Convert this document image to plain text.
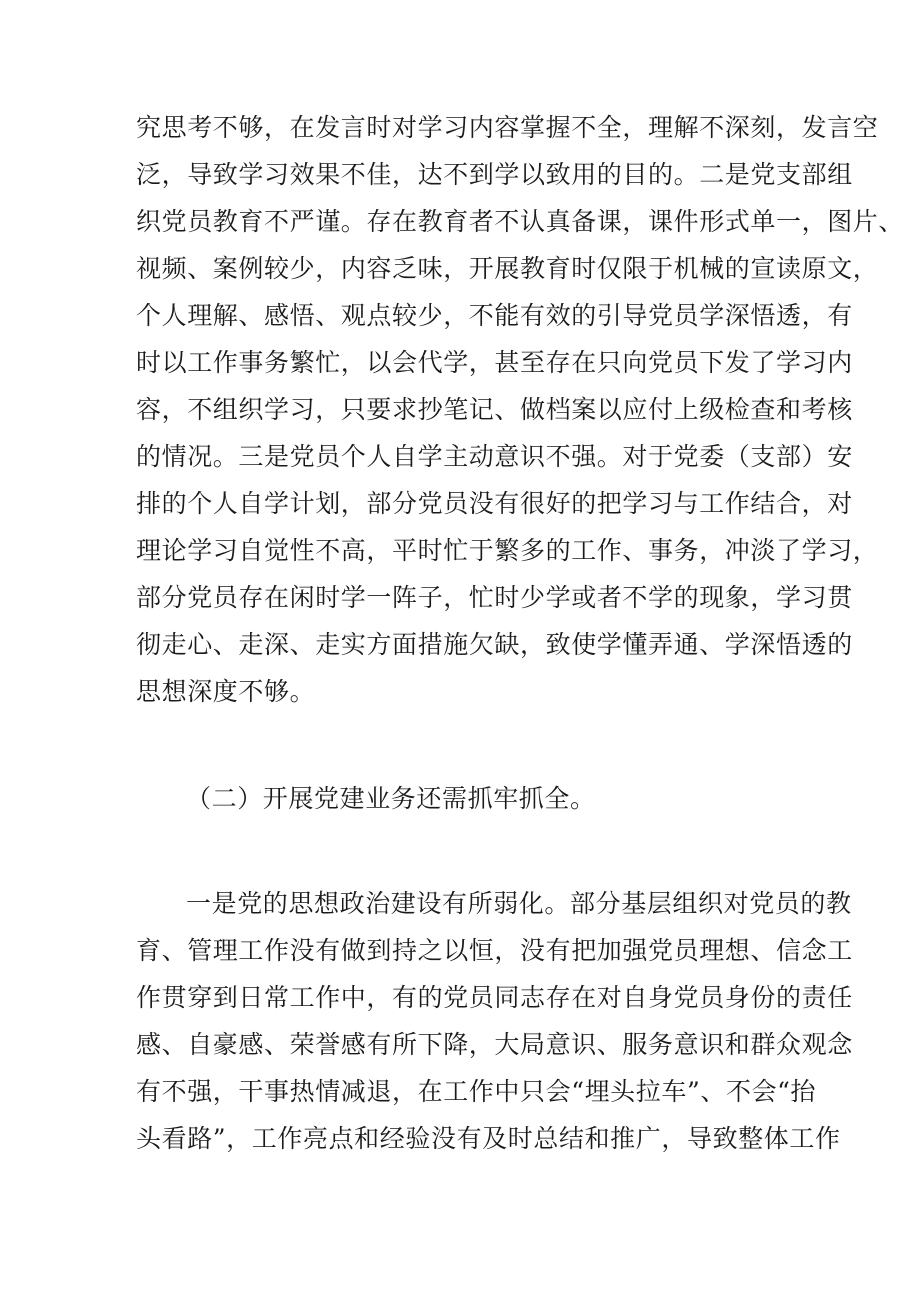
究思考不够，在发言时对学习内容掌握不全，理解不深刻，发言空
泛，导致学习效果不佳，达不到学以致用的目的。二是党支部组
织党员教育不严谨。存在教育者不认真备课，课件形式单一，图片、
视频、案例较少，内容乏味，开展教育时仅限于机械的宣读原文，
个人理解、感悟、观点较少，不能有效的引导党员学深悟透，有
时以工作事务繁忙，以会代学，甚至存在只向党员下发了学习内
容，不组织学习，只要求抄笔记、做档案以应付上级检查和考核
的情况。三是党员个人自学主动意识不强。对于党委（支部）安
排的个人自学计划，部分党员没有很好的把学习与工作结合，对
理论学习自觉性不高，平时忙于繁多的工作、事务，冲淡了学习，
部分党员存在闲时学一阵子，忙时少学或者不学的现象，学习贯
彻走心、走深、走实方面措施欠缺，致使学懂弄通、学深悟透的
思想深度不够。
（二）开展党建业务还需抓牢抓全。
一是党的思想政治建设有所弱化。部分基层组织对党员的教
育、管理工作没有做到持之以恒，没有把加强党员理想、信念工
作贯穿到日常工作中，有的党员同志存在对自身党员身份的责任
感、自豪感、荣誉感有所下降，大局意识、服务意识和群众观念
有不强，干事热情减退，在工作中只会“埋头拉车”、不会“抬
头看路”，工作亮点和经验没有及时总结和推广，导致整体工作
